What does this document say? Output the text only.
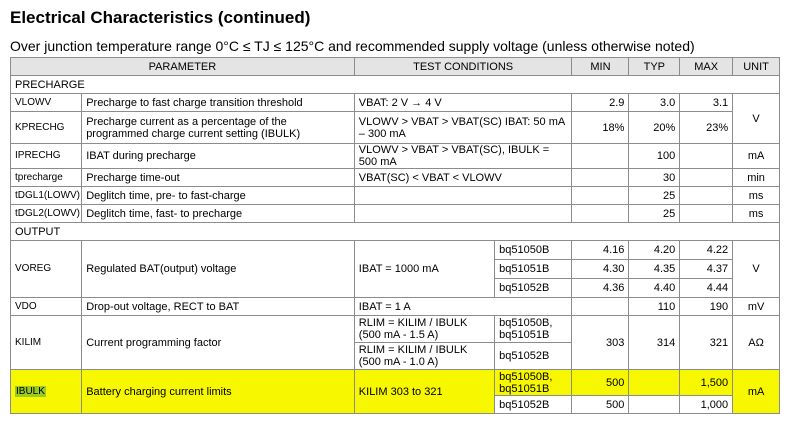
Electrical Characteristics (continued)
Over junction temperature range 0°C ≤ TJ ≤ 125°C and recommended supply voltage (unless otherwise noted)
PARAMETER		TEST CONDITIONS		MIN	TYP	MAX	UNIT
PRECHARGE							
VLOWV	Precharge to fast charge transition threshold	VBAT: 2 V → 4 V		2.9	3.0	3.1	V
KPRECHG	Precharge current as a percentage of the programmed charge current setting (IBULK)	VLOWV > VBAT > VBAT(SC) IBAT: 50 mA – 300 mA		18%	20%	23%	
IPRECHG	IBAT during precharge	VLOWV > VBAT > VBAT(SC), IBULK = 500 mA			100		mA
tprecharge	Precharge time-out	VBAT(SC) < VBAT < VLOWV			30		min
tDGL1(LOWV)	Deglitch time, pre- to fast-charge				25		ms
tDGL2(LOWV)	Deglitch time, fast- to precharge				25		ms
OUTPUT							
VOREG	Regulated BAT(output) voltage	IBAT = 1000 mA	bq51050B	4.16	4.20	4.22	V
			bq51051B	4.30	4.35	4.37	
			bq51052B	4.36	4.40	4.44	
VDO	Drop-out voltage, RECT to BAT	IBAT = 1 A			110	190	mV
KILIM	Current programming factor	RLIM = KILIM / IBULK (500 mA - 1.5 A)	bq51050B, bq51051B	303	314	321	AΩ
		RLIM = KILIM / IBULK (500 mA - 1.0 A)	bq51052B				
IBULK	Battery charging current limits	KILIM 303 to 321	bq51050B, bq51051B	500		1,500	mA
			bq51052B	500		1,000	
